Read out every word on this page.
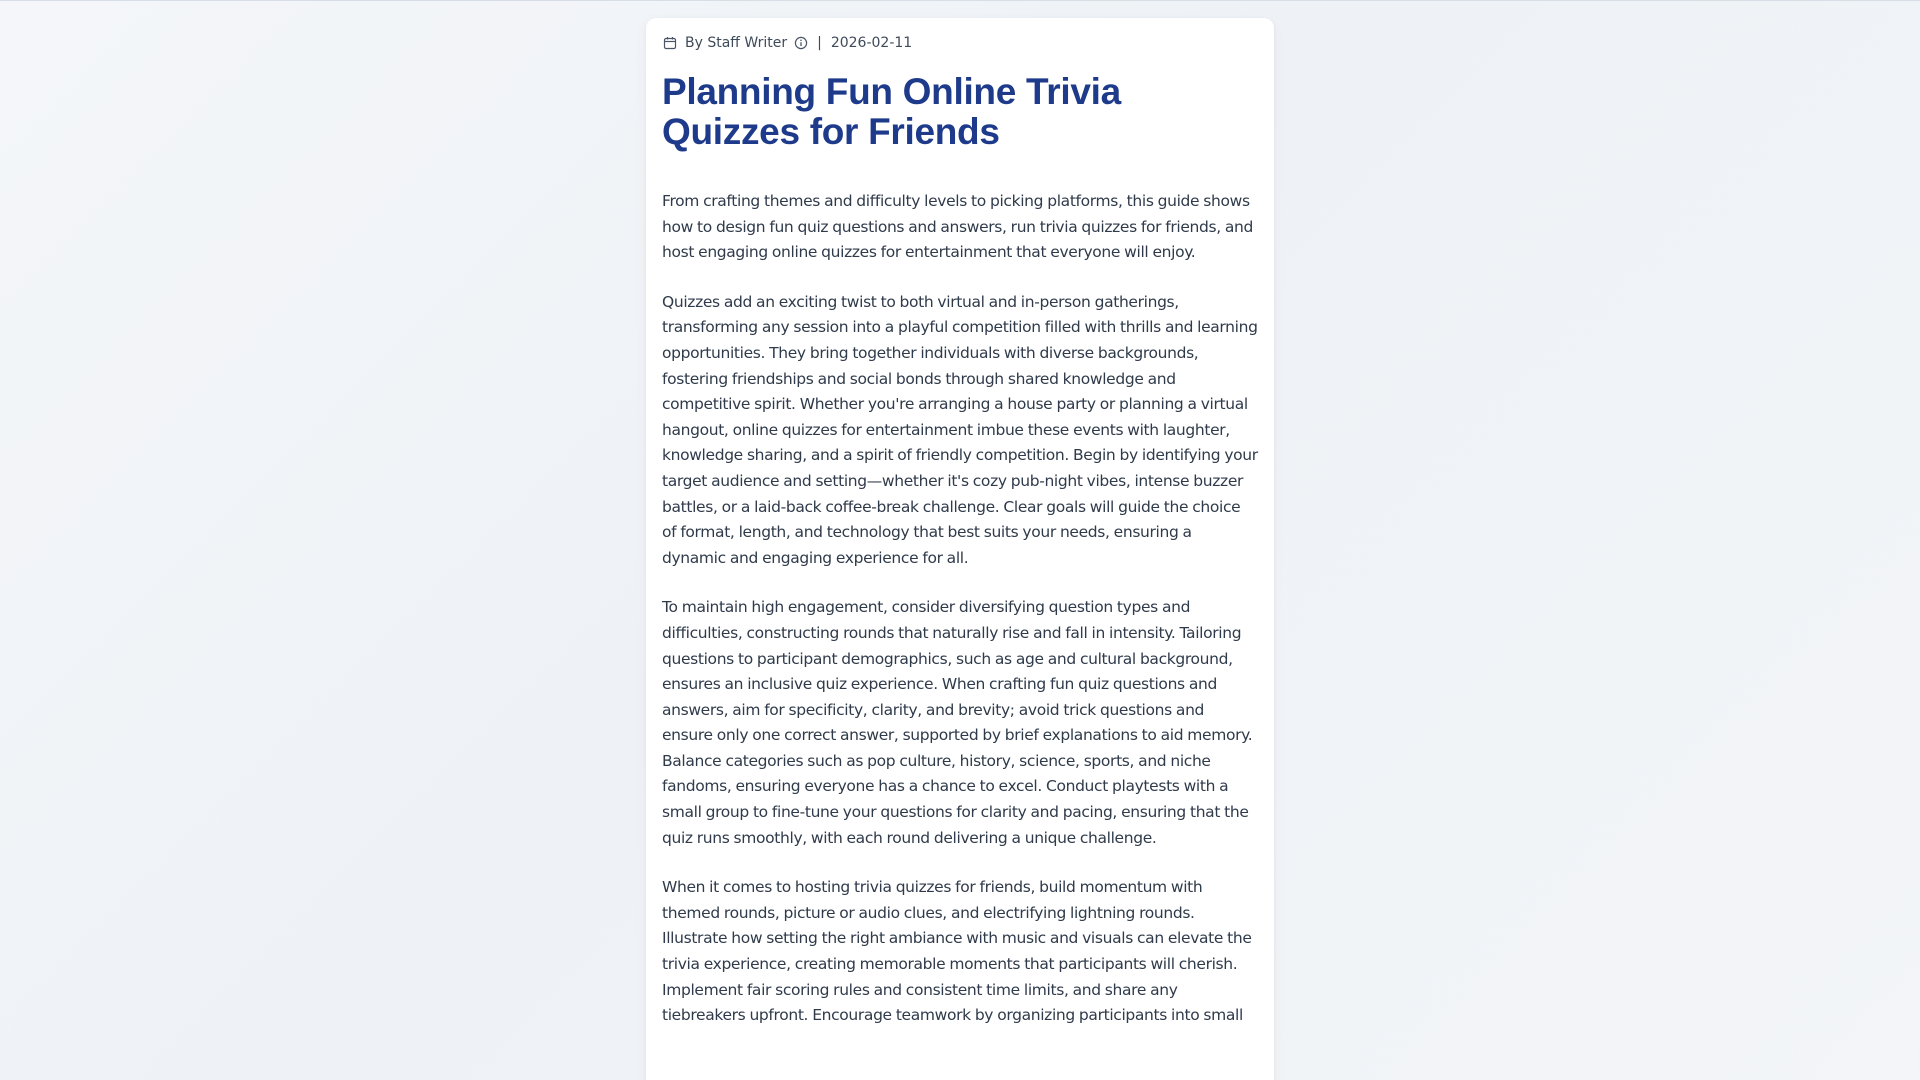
By Staff Writer | 2026-02-11
Planning Fun Online Trivia Quizzes for Friends

From crafting themes and difficulty levels to picking platforms, this guide shows how to design fun quiz questions and answers, run trivia quizzes for friends, and host engaging online quizzes for entertainment that everyone will enjoy.

Quizzes add an exciting twist to both virtual and in-person gatherings, transforming any session into a playful competition filled with thrills and learning opportunities. They bring together individuals with diverse backgrounds, fostering friendships and social bonds through shared knowledge and competitive spirit. Whether you're arranging a house party or planning a virtual hangout, online quizzes for entertainment imbue these events with laughter, knowledge sharing, and a spirit of friendly competition. Begin by identifying your target audience and setting—whether it's cozy pub-night vibes, intense buzzer battles, or a laid-back coffee-break challenge. Clear goals will guide the choice of format, length, and technology that best suits your needs, ensuring a dynamic and engaging experience for all.

To maintain high engagement, consider diversifying question types and difficulties, constructing rounds that naturally rise and fall in intensity. Tailoring questions to participant demographics, such as age and cultural background, ensures an inclusive quiz experience. When crafting fun quiz questions and answers, aim for specificity, clarity, and brevity; avoid trick questions and ensure only one correct answer, supported by brief explanations to aid memory. Balance categories such as pop culture, history, science, sports, and niche fandoms, ensuring everyone has a chance to excel. Conduct playtests with a small group to fine-tune your questions for clarity and pacing, ensuring that the quiz runs smoothly, with each round delivering a unique challenge.

When it comes to hosting trivia quizzes for friends, build momentum with themed rounds, picture or audio clues, and electrifying lightning rounds. Illustrate how setting the right ambiance with music and visuals can elevate the trivia experience, creating memorable moments that participants will cherish. Implement fair scoring rules and consistent time limits, and share any tiebreakers upfront. Encourage teamwork by organizing participants into small
